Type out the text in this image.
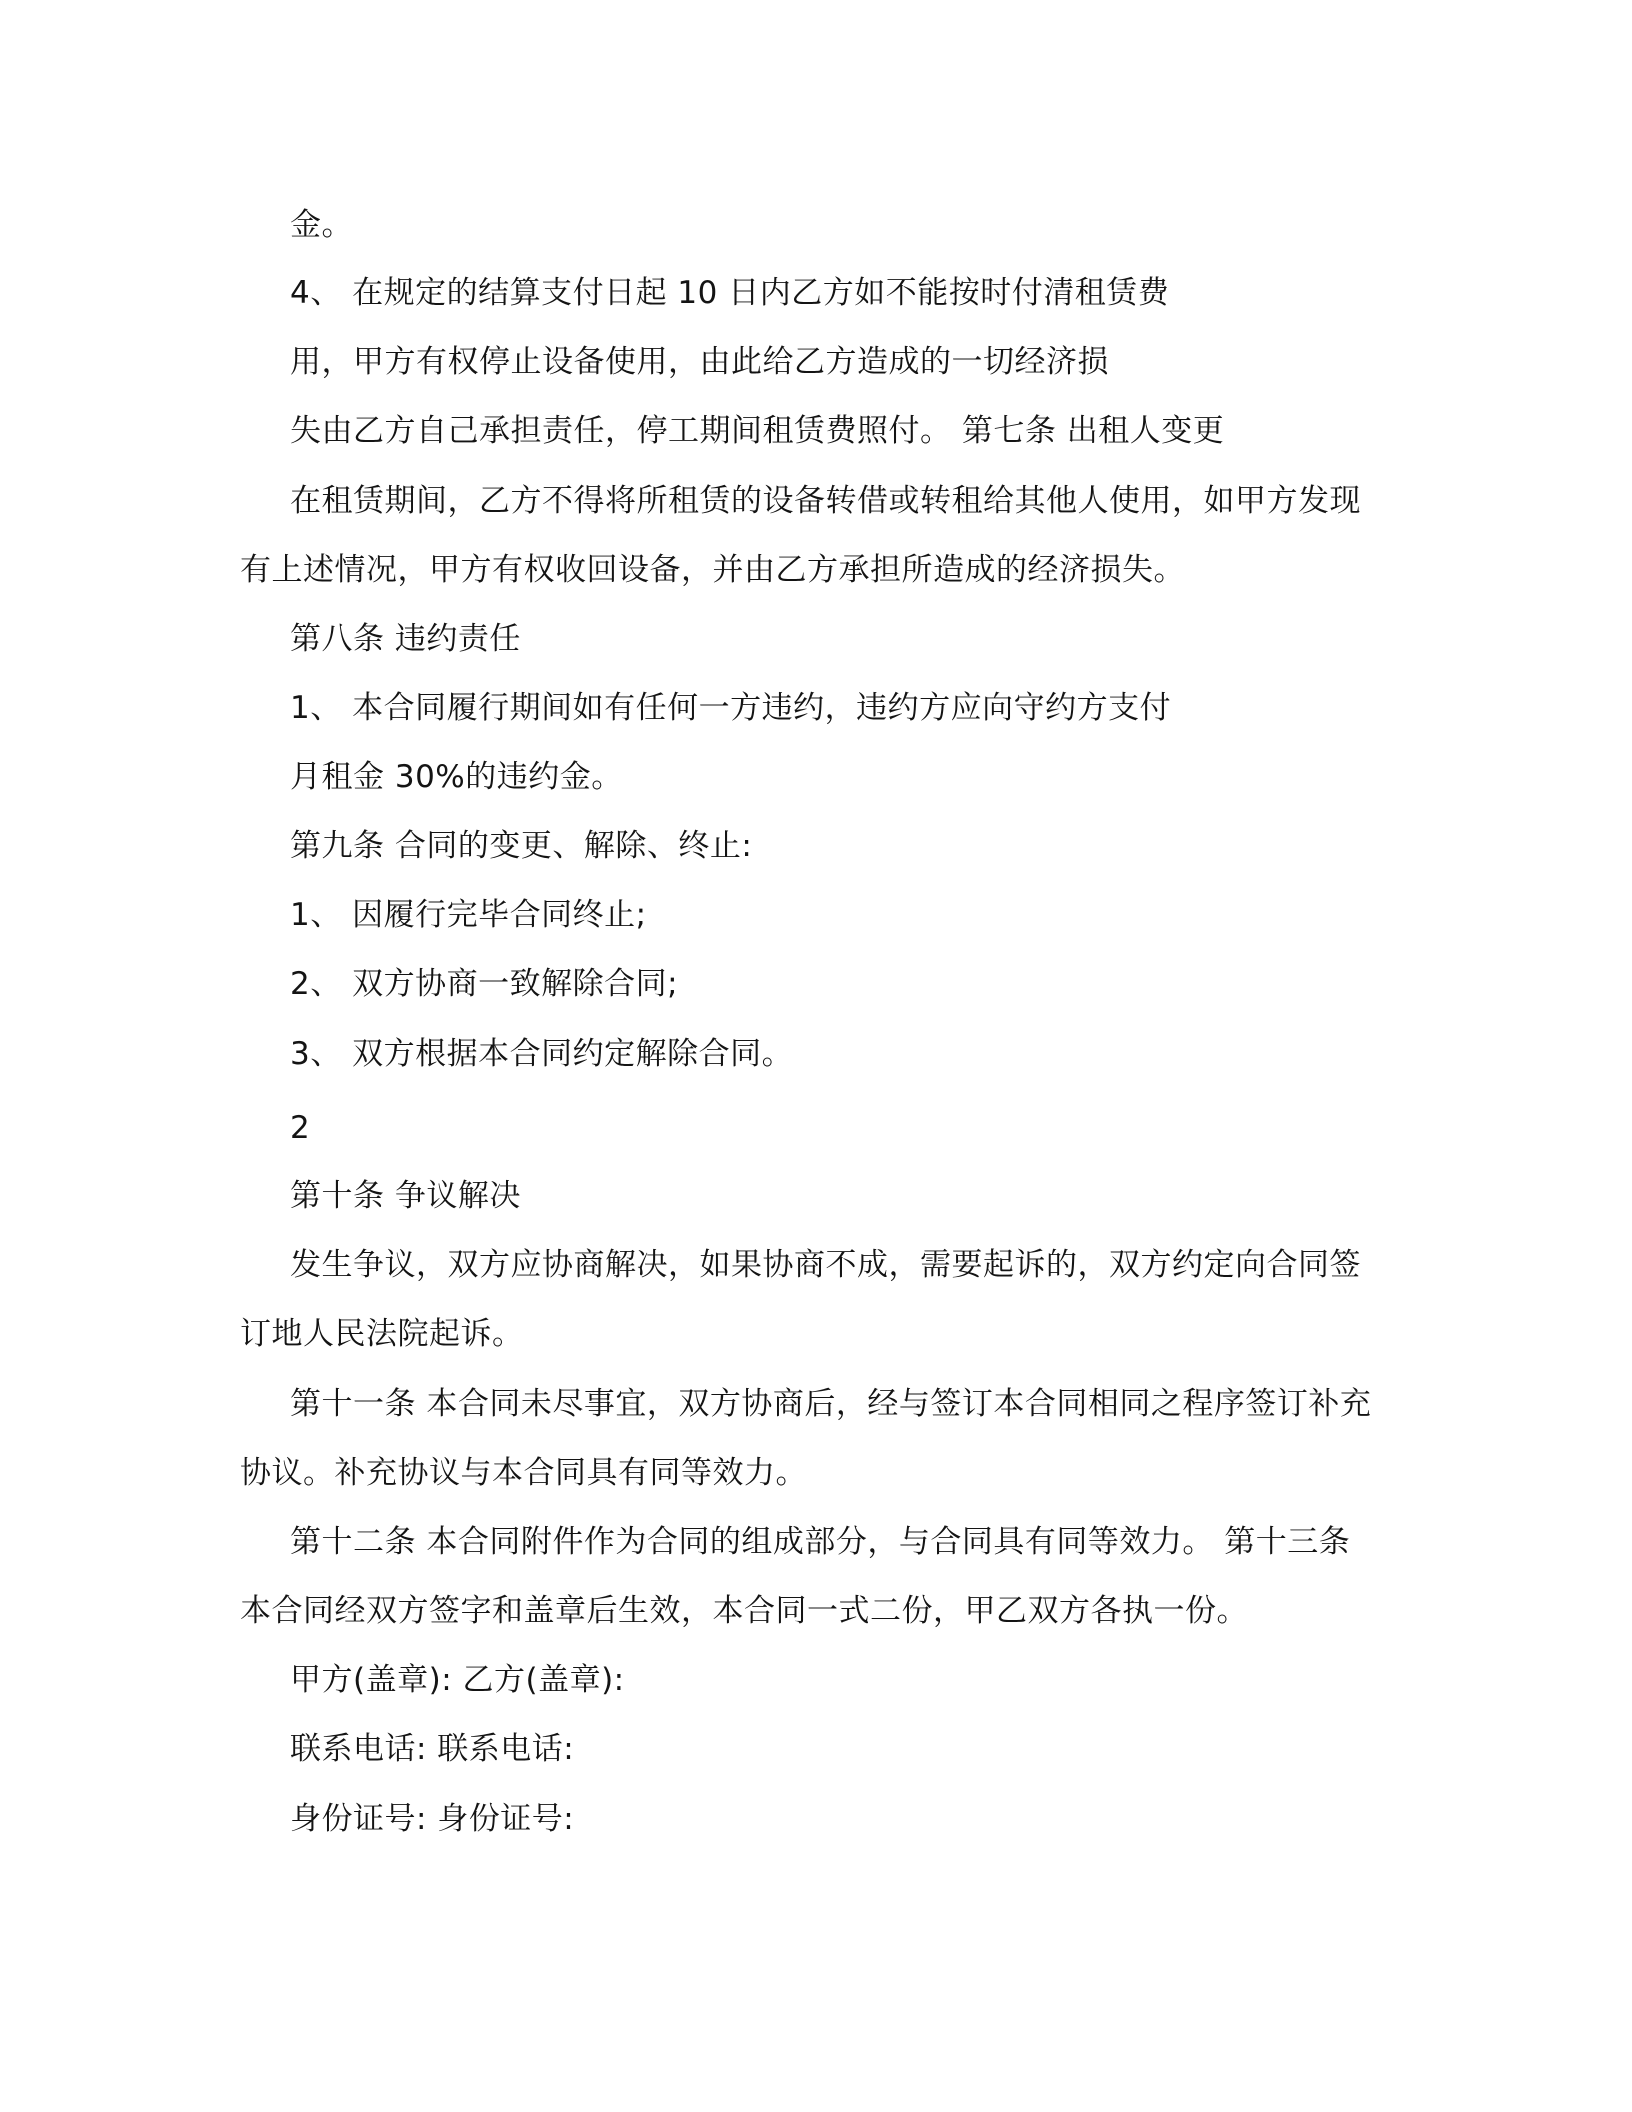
金。
4、 在规定的结算支付日起 10 日内乙方如不能按时付清租赁费
用，甲方有权停止设备使用，由此给乙方造成的一切经济损
失由乙方自己承担责任，停工期间租赁费照付。 第七条 出租人变更
在租赁期间，乙方不得将所租赁的设备转借或转租给其他人使用，如甲方发现
有上述情况，甲方有权收回设备，并由乙方承担所造成的经济损失。
第八条 违约责任
1、 本合同履行期间如有任何一方违约，违约方应向守约方支付
月租金 30%的违约金。
第九条 合同的变更、解除、终止:
1、 因履行完毕合同终止;
2、 双方协商一致解除合同;
3、 双方根据本合同约定解除合同。
2
第十条 争议解决
发生争议，双方应协商解决，如果协商不成，需要起诉的，双方约定向合同签
订地人民法院起诉。
第十一条 本合同未尽事宜，双方协商后，经与签订本合同相同之程序签订补充
协议。补充协议与本合同具有同等效力。
第十二条 本合同附件作为合同的组成部分，与合同具有同等效力。 第十三条
本合同经双方签字和盖章后生效，本合同一式二份，甲乙双方各执一份。
甲方(盖章): 乙方(盖章):
联系电话: 联系电话:
身份证号: 身份证号:
